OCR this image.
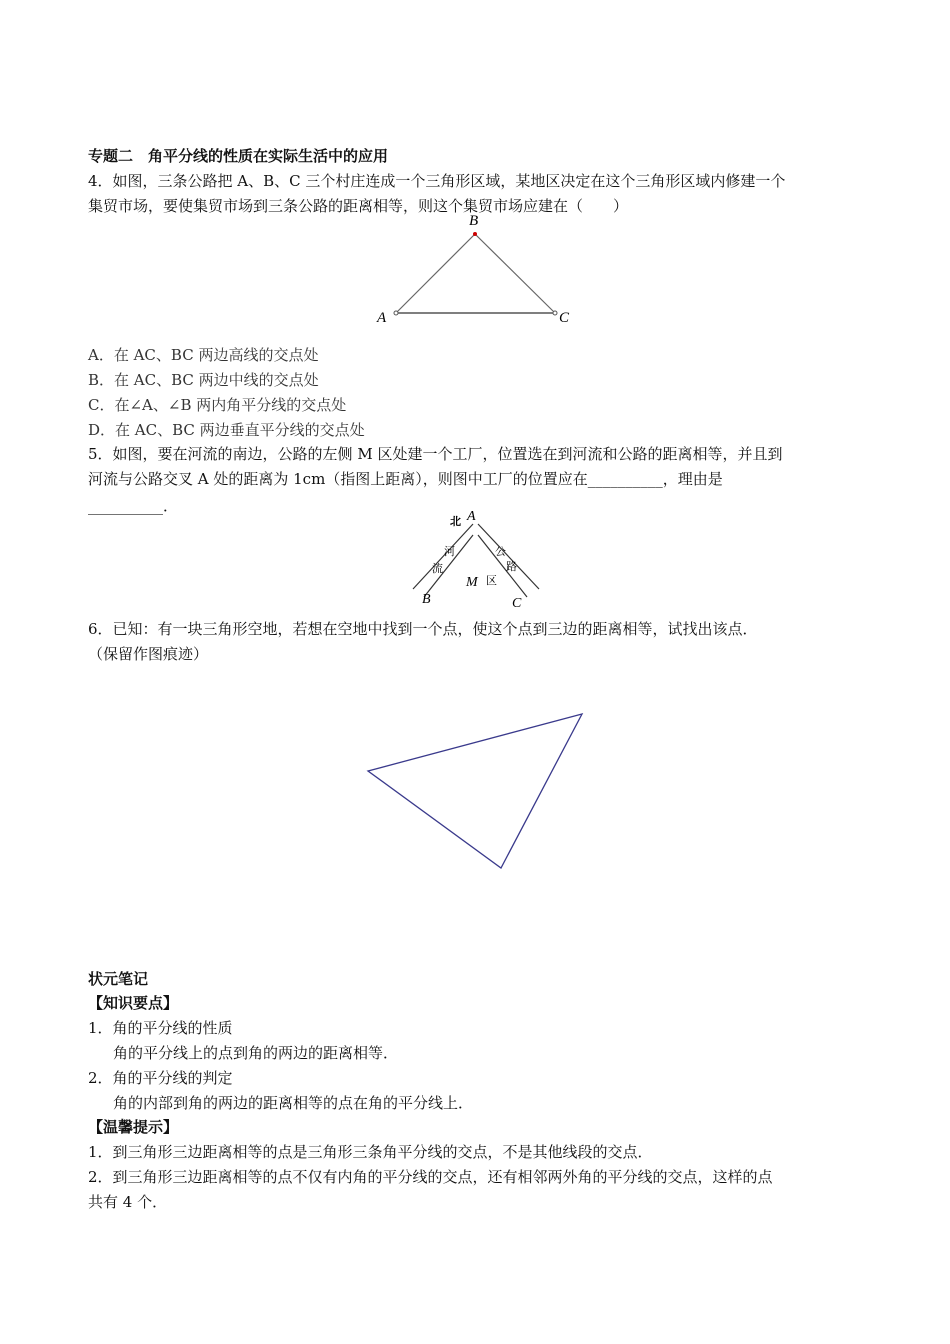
专题二　角平分线的性质在实际生活中的应用
4．如图，三条公路把 A、B、C 三个村庄连成一个三角形区域，某地区决定在这个三角形区域内修建一个
集贸市场，要使集贸市场到三条公路的距离相等，则这个集贸市场应建在（　　）
B
A	C
A．在 AC、BC 两边高线的交点处
B．在 AC、BC 两边中线的交点处
C．在∠A、∠B 两内角平分线的交点处
D．在 AC、BC 两边垂直平分线的交点处
5．如图，要在河流的南边，公路的左侧 M 区处建一个工厂，位置选在到河流和公路的距离相等，并且到
河流与公路交叉 A 处的距离为 1cm（指图上距离），则图中工厂的位置应在__________，理由是
__________．
北 A
河
流
公
路
M 区
B	C
6．已知：有一块三角形空地，若想在空地中找到一个点，使这个点到三边的距离相等，试找出该点．
（保留作图痕迹）
状元笔记
【知识要点】
1．角的平分线的性质
角的平分线上的点到角的两边的距离相等．
2．角的平分线的判定
角的内部到角的两边的距离相等的点在角的平分线上．
【温馨提示】
1．到三角形三边距离相等的点是三角形三条角平分线的交点，不是其他线段的交点．
2．到三角形三边距离相等的点不仅有内角的平分线的交点，还有相邻两外角的平分线的交点，这样的点
共有 4 个．
